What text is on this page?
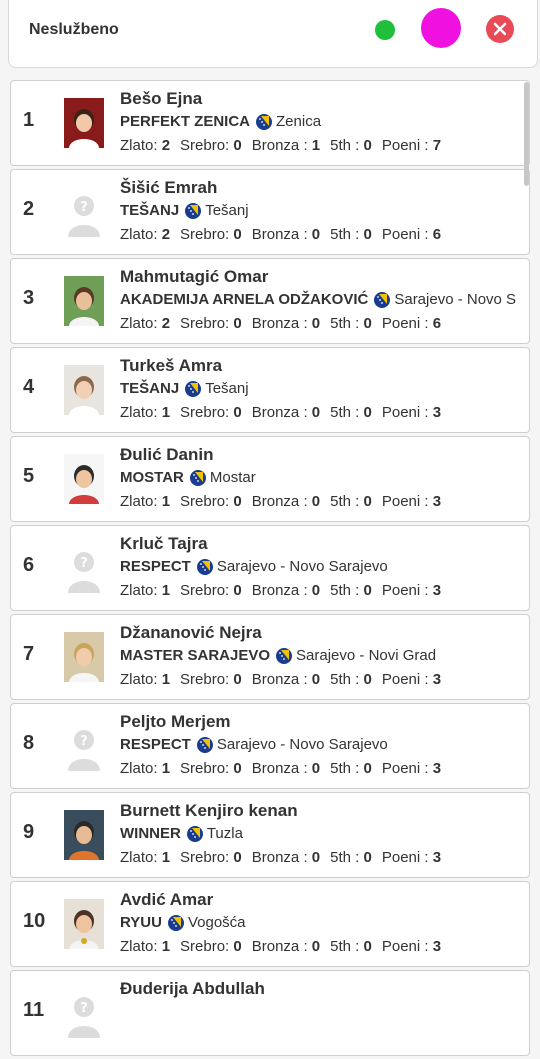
Neslužbeno
1
Bešo Ejna
PERFEKT ZENICA Zenica
Zlato: 2 Srebro: 0 Bronza : 1 5th : 0 Poeni : 7
2	?
Šišić Emrah
TEŠANJ Tešanj
Zlato: 2 Srebro: 0 Bronza : 0 5th : 0 Poeni : 6
3
Mahmutagić Omar
AKADEMIJA ARNELA ODŽAKOVIĆ Sarajevo - Novo S
Zlato: 2 Srebro: 0 Bronza : 0 5th : 0 Poeni : 6
4
Turkeš Amra
TEŠANJ Tešanj
Zlato: 1 Srebro: 0 Bronza : 0 5th : 0 Poeni : 3
5
Đulić Danin
MOSTAR Mostar
Zlato: 1 Srebro: 0 Bronza : 0 5th : 0 Poeni : 3
6	?
Krluč Tajra
RESPECT Sarajevo - Novo Sarajevo
Zlato: 1 Srebro: 0 Bronza : 0 5th : 0 Poeni : 3
7
Džananović Nejra
MASTER SARAJEVO Sarajevo - Novi Grad
Zlato: 1 Srebro: 0 Bronza : 0 5th : 0 Poeni : 3
8	?
Peljto Merjem
RESPECT Sarajevo - Novo Sarajevo
Zlato: 1 Srebro: 0 Bronza : 0 5th : 0 Poeni : 3
9
Burnett Kenjiro kenan
WINNER Tuzla
Zlato: 1 Srebro: 0 Bronza : 0 5th : 0 Poeni : 3
10
Avdić Amar
RYUU Vogošća
Zlato: 1 Srebro: 0 Bronza : 0 5th : 0 Poeni : 3
11	?
Đuderija Abdullah
